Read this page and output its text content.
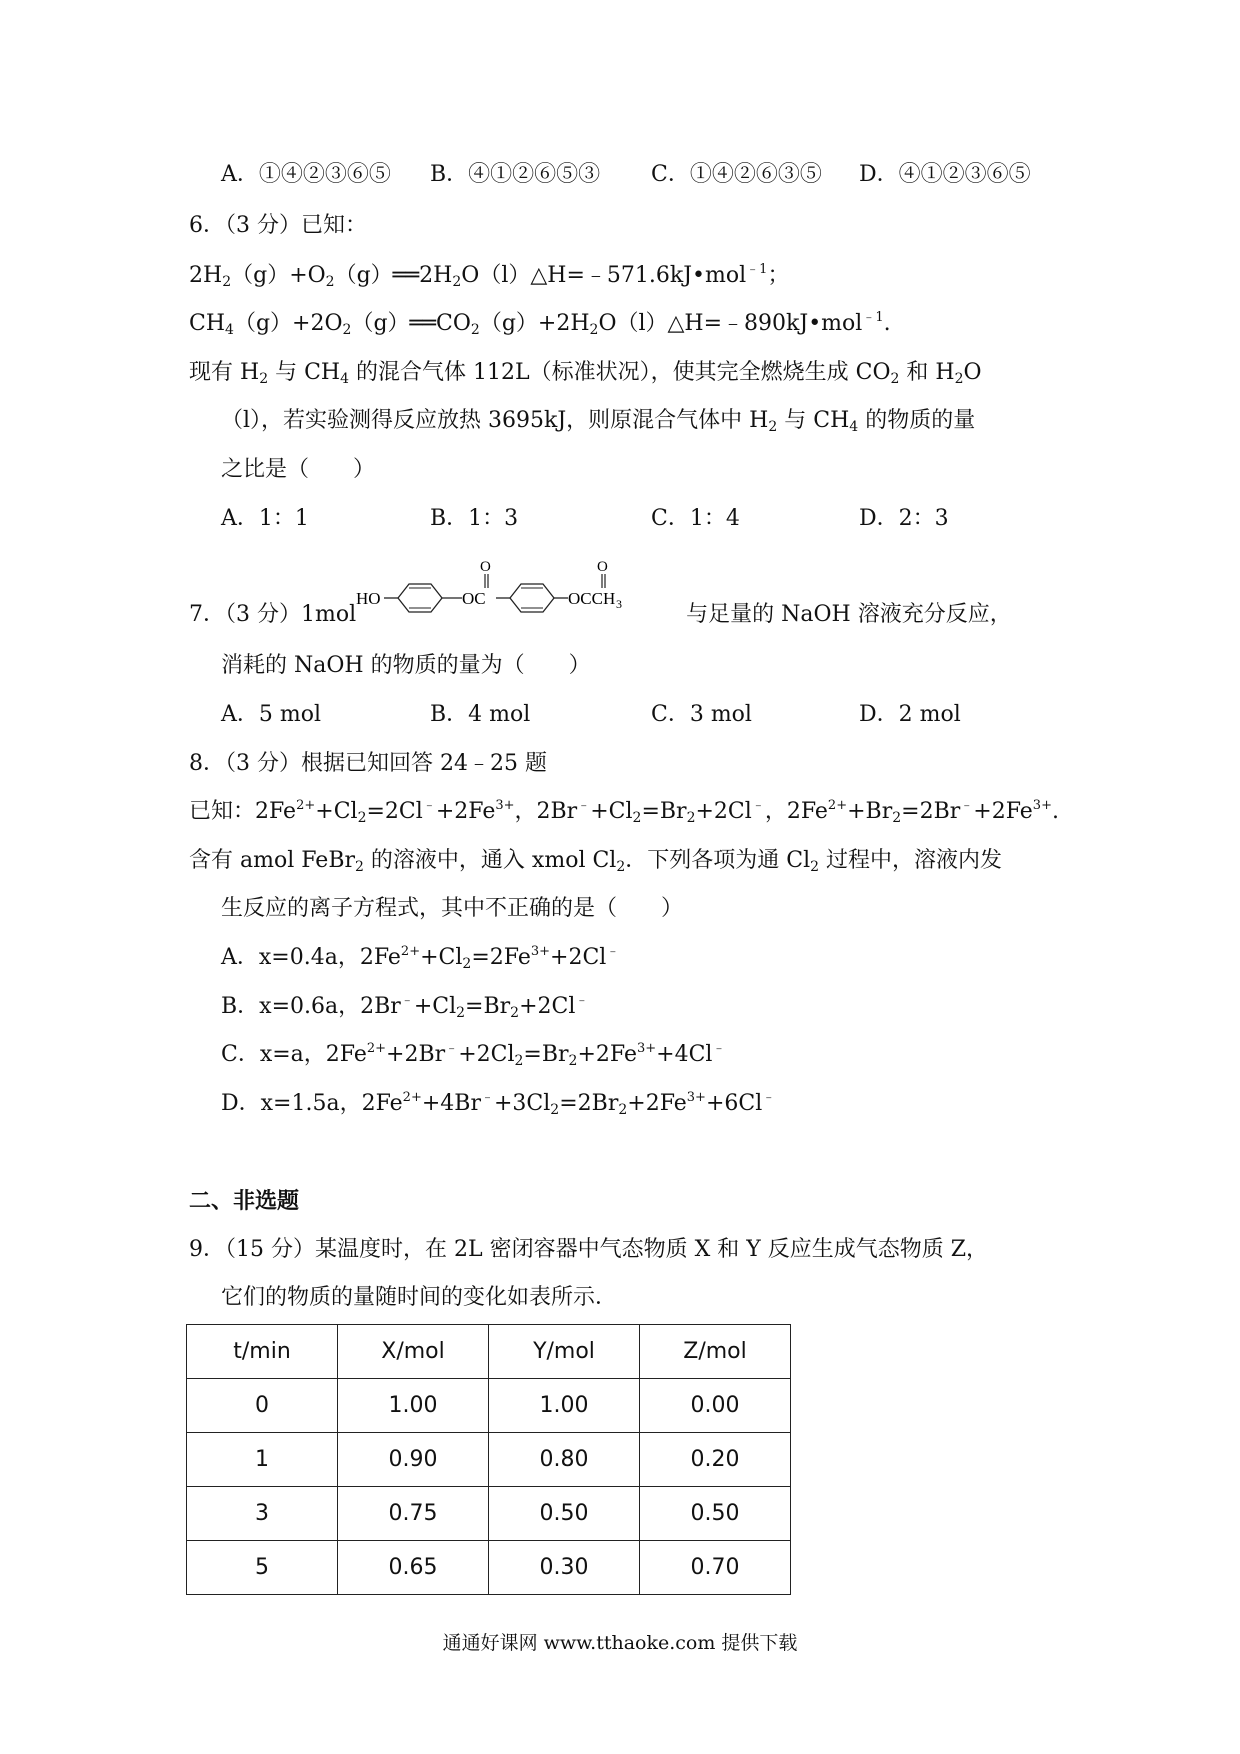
A．①④②③⑥⑤ B．④①②⑥⑤③ C．①④②⑥③⑤ D．④①②③⑥⑤
6．（3 分）已知：
$2H_2(g)+O_2(g)══2H_2O(l)\triangle H=﹣571.6kJ•mol^{﹣1}$；
$CH_4(g)+2O_2(g)══CO_2(g)+2H_2O(l)\triangle H=﹣890kJ•mol^{﹣1}$.
现有 $H_2$ 与 $CH_4$ 的混合气体 112L（标准状况），使其完全燃烧生成 $CO_2$ 和 $H_2O$
（l），若实验测得反应放热 3695kJ，则原混合气体中 $H_2$ 与 $CH_4$ 的物质的量
之比是（　　）
A．1：1	B．1：3	C．1：4	D．2：3
7．（3 分）1mol
HO	OC
O
OCCH 3
O
与足量的 NaOH 溶液充分反应，
消耗的 NaOH 的物质的量为（　　）
A．5 mol	B．4 mol	C．3 mol	D．2 mol
8．（3 分）根据已知回答 24﹣25 题
已知：$2Fe^{2+}+Cl_2=2Cl^﹣+2Fe^{3+}$，$2Br^﹣+Cl_2=Br_2+2Cl^﹣$，$2Fe^{2+}+Br_2=2Br^﹣+2Fe^{3+}$.
含有 amol FeBr$_2$ 的溶液中，通入 xmol $Cl_2$．下列各项为通 $Cl_2$ 过程中，溶液内发
生反应的离子方程式，其中不正确的是（　　）
A．x=0.4a，$2Fe^{2+}+Cl_2=2Fe^{3+}+2Cl^﹣$
B．x=0.6a，$2Br^﹣+Cl_2=Br_2+2Cl^﹣$
C．x=a，$2Fe^{2+}+2Br^﹣+2Cl_2=Br_2+2Fe^{3+}+4Cl^﹣$
D．x=1.5a，$2Fe^{2+}+4Br^﹣+3Cl_2=2Br_2+2Fe^{3+}+6Cl^﹣$
二、非选题
9．（15 分）某温度时，在 2L 密闭容器中气态物质 X 和 Y 反应生成气态物质 Z，
它们的物质的量随时间的变化如表所示．
t/min	X/mol	Y/mol	Z/mol
0	1.00	1.00	0.00
1	0.90	0.80	0.20
3	0.75	0.50	0.50
5	0.65	0.30	0.70
通通好课网 www.tthaoke.com 提供下载
